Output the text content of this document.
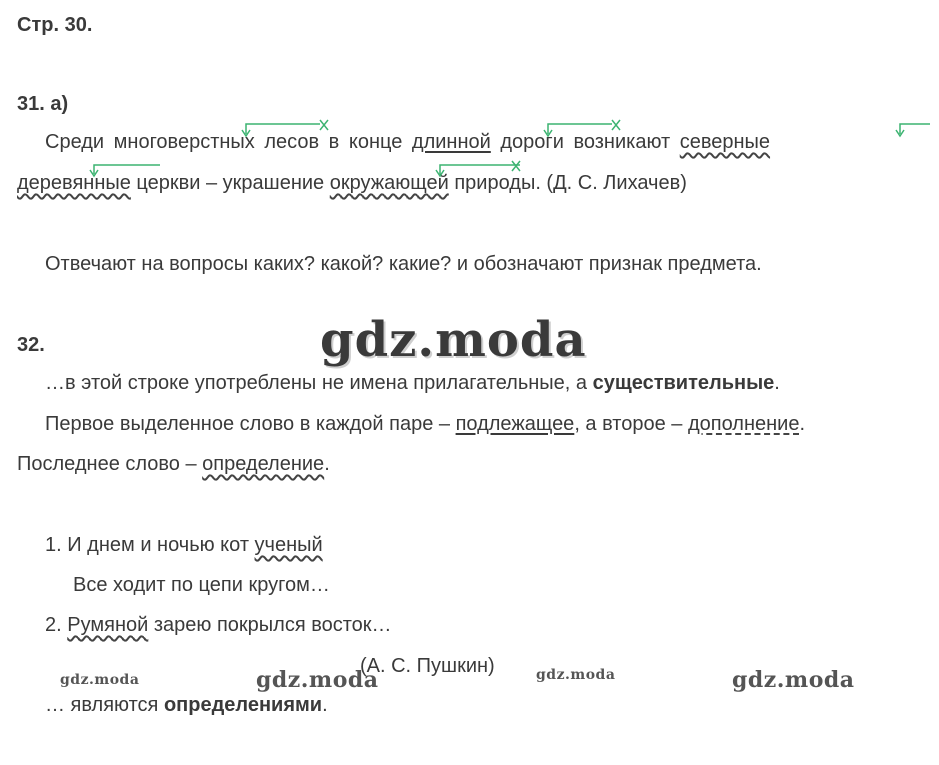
Стр. 30.
31. а)
Среди многоверстных лесов в конце длинной дороги возникают северные
деревянные церкви – украшение окружающей природы. (Д. С. Лихачев)
Отвечают на вопросы каких? какой? какие? и обозначают признак предмета.
32.	gdz.moda
…в этой строке употреблены не имена прилагательные, а существительные.
Первое выделенное слово в каждой паре – подлежащее, а второе – дополнение.
Последнее слово – определение.
1. И днем и ночью кот ученый
Все ходит по цепи кругом…
2. Румяной зарею покрылся восток…
(А. С. Пушкин)
gdz.moda	gdz.moda	gdz.moda	gdz.moda
… являются определениями.
